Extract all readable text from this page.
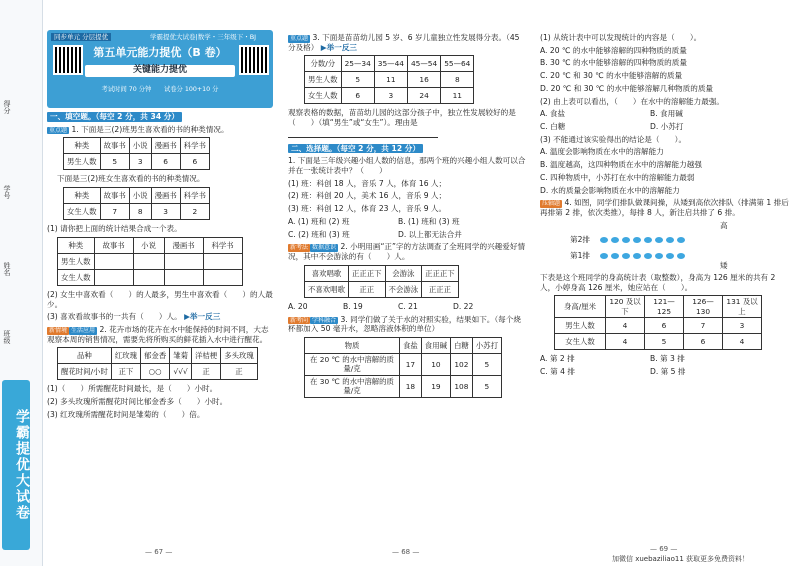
得分
学号
姓名
班级
学霸提优大试卷
同步单元 分层提优
第五单元能力提优（B 卷）
关键能力提优
考试时间 70 分钟　　试卷分 100+10 分
学霸提优大试卷|数学・三年级下・BJ

一、填空题。（每空 2 分，共 34 分）

重点题 1. 下面是三(2)班男生喜欢看的书的种类情况。

种类	故事书	小说	漫画书	科学书
男生人数	5	3	6	6

下面是三(2)班女生喜欢看的书的种类情况。

种类	故事书	小说	漫画书	科学书
女生人数	7	8	3	2

(1) 请你把上面的统计结果合成一个表。

种类	故事书	小说	漫画书	科学书
男生人数				
女生人数				

(2) 女生中喜欢看（　　）的人最多，男生中喜欢看（　　）的人最少。

(3) 喜欢看故事书的一共有（　　）人。 ▶举一反三

新情境 生活应用 2. 花卉市场的花卉在水中能保持的时间不同，大志观察本周的销售情况，需要先将所购买的鲜花插入水中进行醒花。

品种	红玫瑰	郁金香	雏菊	洋桔梗	多头玫瑰
醒花时间/小时	正下	○○	√√√	正	正

(1)（　　）所需醒花时间最长，是（　　）小时。

(2) 多头玫瑰所需醒花时间比郁金香多（　　）小时。

(3) 红玫瑰所需醒花时间是雏菊的（　　）倍。

— 67 —

重点题 3. 下面是苗苗幼儿园 5 岁、6 岁儿童独立性发展得分表。（45 分及格） ▶举一反三

分数/分	25—34	35—44	45—54	55—64
男生人数	5	11	16	8
女生人数	6	3	24	11

观察表格的数据，苗苗幼儿园的这部分孩子中，独立性发展较好的是（　　）（填“男生”或“女生”）。理由是

二、选择题。（每空 2 分，共 12 分）

1. 下面是三年级兴趣小组人数的信息，那两个班的兴趣小组人数可以合并在一张统计表中？（　　）

(1) 班：科创 18 人，音乐 7 人，体育 16 人；

(2) 班：科创 20 人，美术 16 人，音乐 9 人；

(3) 班：科创 12 人，体育 23 人，音乐 9 人。

A. (1) 班和 (2) 班	B. (1) 班和 (3) 班

C. (2) 班和 (3) 班	D. 以上都无法合并

新考法 数据意识 2. 小明用画“正”字的方法调查了全班同学的兴趣爱好情况，其中不会游泳的有（　　）人。

喜欢唱歌	正正正下	会游泳	正正正下
不喜欢唱歌	正正	不会游泳	正正正

A. 20	B. 19	C. 21	D. 22

新考向 学科融合 3. 同学们做了关于水的对照实验，结果如下。（每个烧杯都加入 50 毫升水，忽略溶液体积的单位）

物质	食盐	食用碱	白糖	小苏打
在 20 ℃ 的水中溶解的质量/克	17	10	102	5
在 30 ℃ 的水中溶解的质量/克	18	19	108	5
— 68 —

(1) 从统计表中可以发现统计的内容是（　　）。

A. 20 ℃ 的水中能够溶解的四种物质的质量

B. 30 ℃ 的水中能够溶解的四种物质的质量

C. 20 ℃ 和 30 ℃ 的水中能够溶解的质量

D. 20 ℃ 和 30 ℃ 的水中能够溶解几种物质的质量

(2) 由上表可以看出，（　　）在水中的溶解能力最强。

A. 食盐	B. 食用碱

C. 白糖	D. 小苏打

(3) 不能通过该实验得出的结论是（　　）。

A. 温度会影响物质在水中的溶解能力

B. 温度越高，这四种物质在水中的溶解能力越强

C. 四种物质中，小苏打在水中的溶解能力最弱

D. 水的质量会影响物质在水中的溶解能力

压轴题 4. 如图，同学们排队做课间操，从矮到高依次排队（排满第 1 排后再排第 2 排，依次类推），每排 8 人，新注启共排了 6 排。

高
第2排
第1排
矮

下表是这个班同学的身高统计表（取整数），身高为 126 厘米的共有 2 人，小婷身高 126 厘米，她应站在（　　）。

身高/厘米	120 及以下	121—125	126—130	131 及以上
男生人数	4	6	7	3
女生人数	4	5	6	4

A. 第 2 排	B. 第 3 排

C. 第 4 排	D. 第 5 排

— 69 —
加微信 xuebaziliao11 获取更多免费资料！
